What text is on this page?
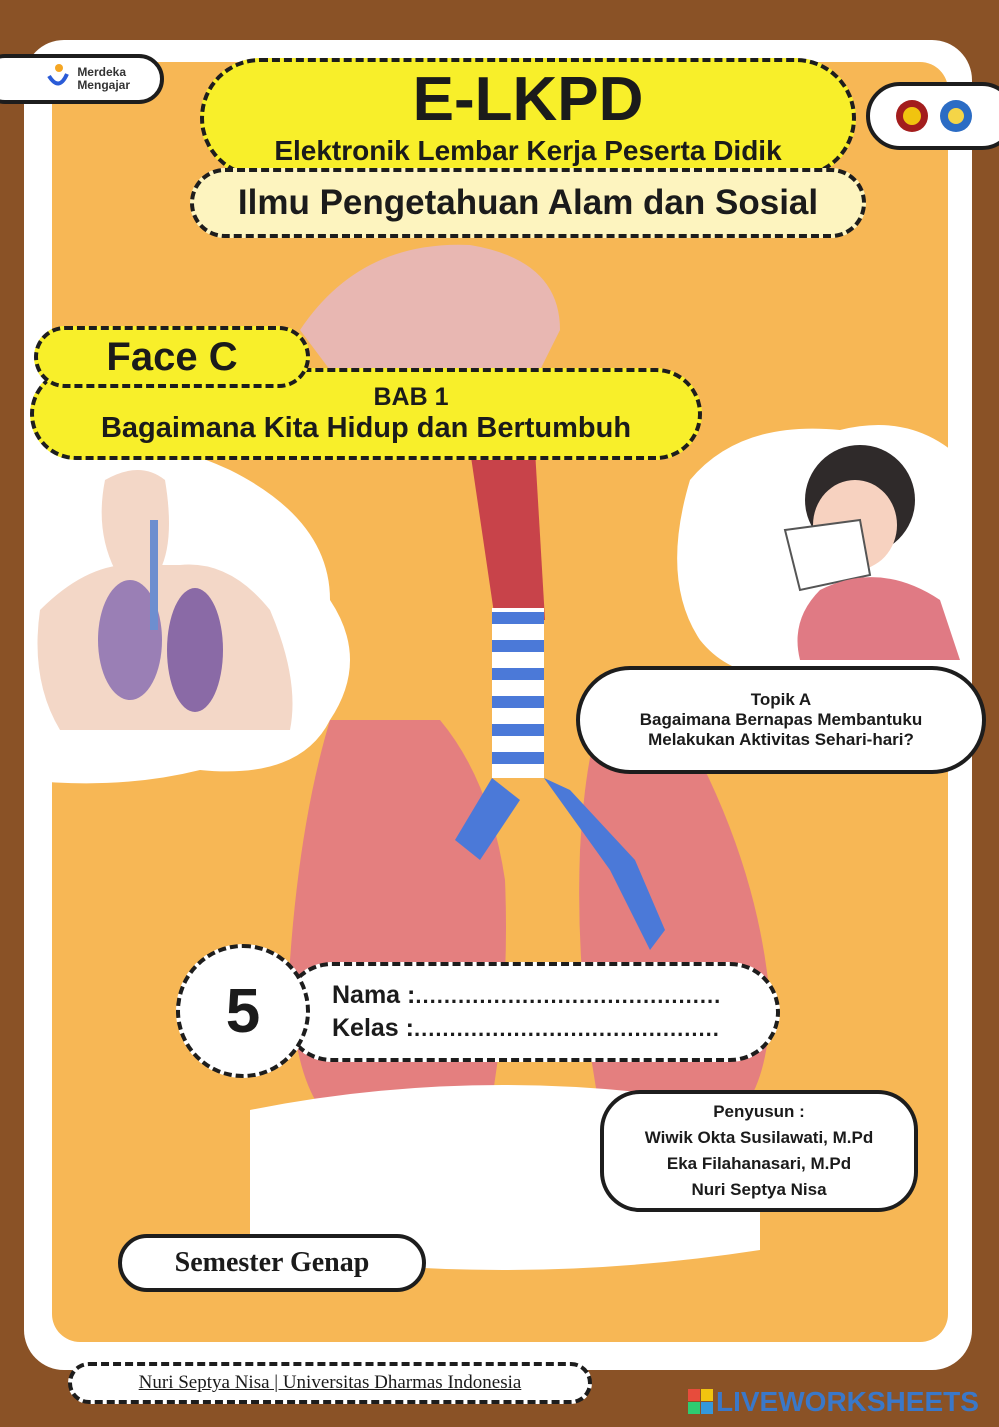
Merdeka
Mengajar	E-LKPD
Elektronik Lembar Kerja Peserta Didik
Ilmu Pengetahuan Alam dan Sosial
BAB 1
Bagaimana Kita Hidup dan Bertumbuh
Face C
Topik A
Bagaimana Bernapas Membantuku
Melakukan Aktivitas Sehari-hari?
Nama : ...........................................
Kelas : ...........................................
5
Penyusun :
Wiwik Okta Susilawati, M.Pd
Eka Filahanasari, M.Pd
Nuri Septya Nisa
Semester Genap
Nuri Septya Nisa | Universitas Dharmas Indonesia
LIVEWORKSHEETS
